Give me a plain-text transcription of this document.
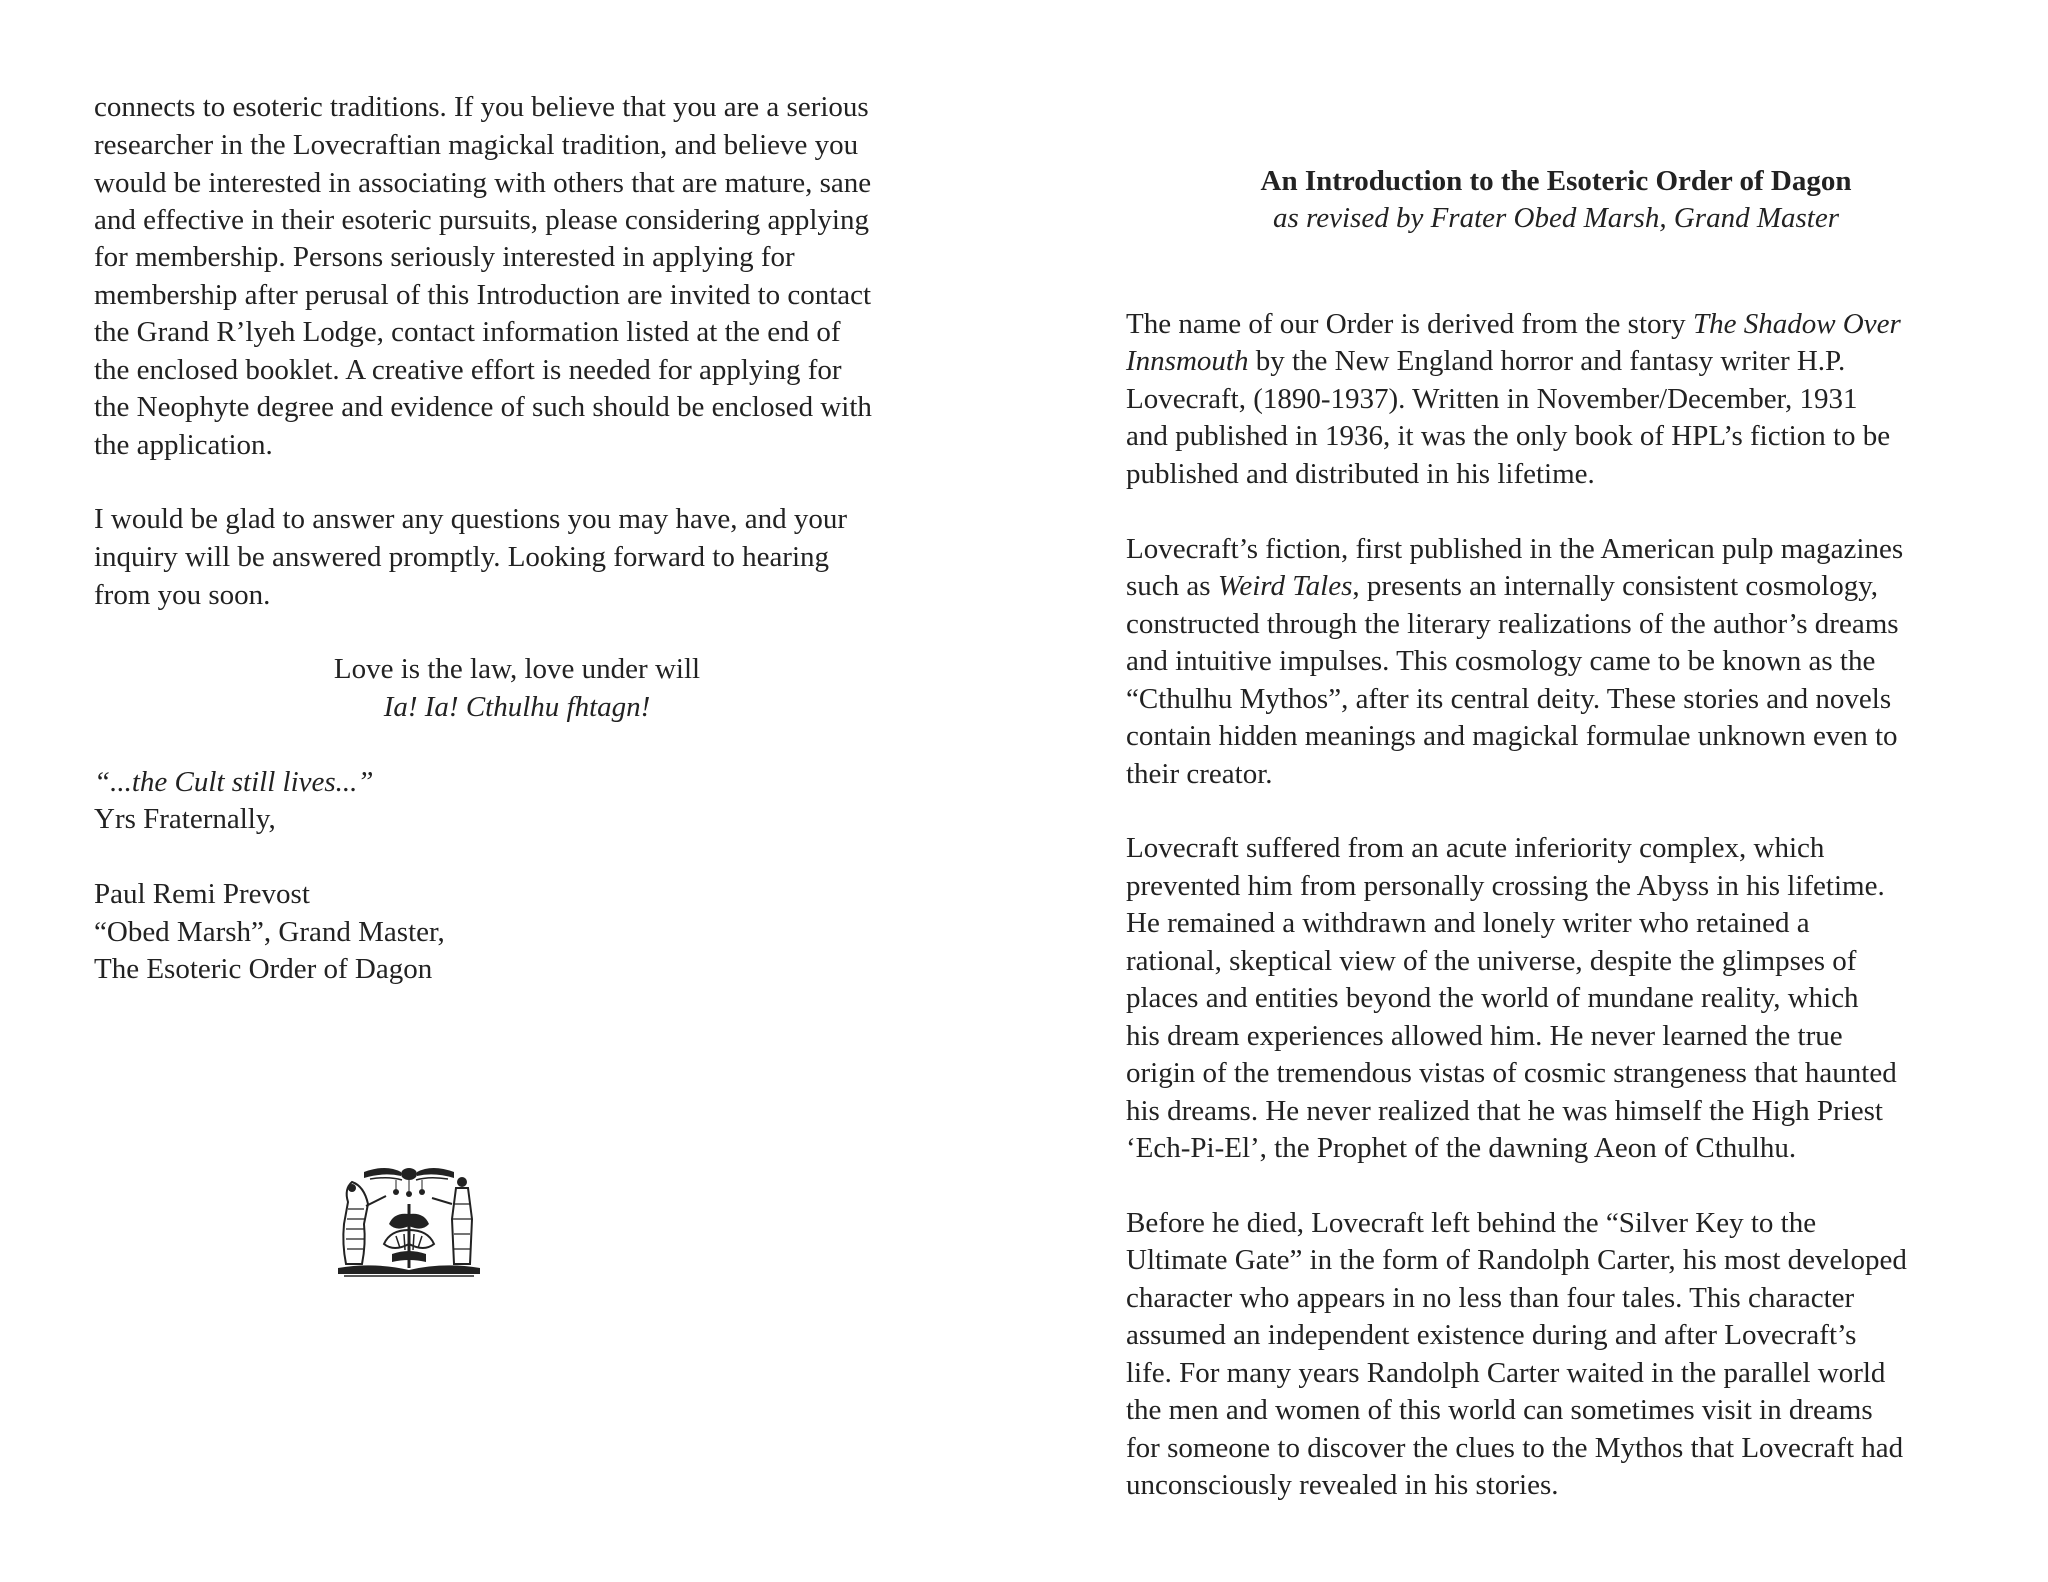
connects to esoteric traditions. If you believe that you are a serious
researcher in the Lovecraftian magickal tradition, and believe you
would be interested in associating with others that are mature, sane
and effective in their esoteric pursuits, please considering applying
for membership. Persons seriously interested in applying for
membership after perusal of this Introduction are invited to contact
the Grand R’lyeh Lodge, contact information listed at the end of
the enclosed booklet. A creative effort is needed for applying for
the Neophyte degree and evidence of such should be enclosed with
the application.
I would be glad to answer any questions you may have, and your
inquiry will be answered promptly. Looking forward to hearing
from you soon.
Love is the law, love under will
Ia! Ia! Cthulhu fhtagn!
“...the Cult still lives...”
Yrs Fraternally,
Paul Remi Prevost
“Obed Marsh”, Grand Master,
The Esoteric Order of Dagon
An Introduction to the Esoteric Order of Dagon
as revised by Frater Obed Marsh, Grand Master
The name of our Order is derived from the story The Shadow Over
Innsmouth by the New England horror and fantasy writer H.P.
Lovecraft, (1890-1937). Written in November/December, 1931
and published in 1936, it was the only book of HPL’s fiction to be
published and distributed in his lifetime.
Lovecraft’s fiction, first published in the American pulp magazines
such as Weird Tales, presents an internally consistent cosmology,
constructed through the literary realizations of the author’s dreams
and intuitive impulses. This cosmology came to be known as the
“Cthulhu Mythos”, after its central deity. These stories and novels
contain hidden meanings and magickal formulae unknown even to
their creator.
Lovecraft suffered from an acute inferiority complex, which
prevented him from personally crossing the Abyss in his lifetime.
He remained a withdrawn and lonely writer who retained a
rational, skeptical view of the universe, despite the glimpses of
places and entities beyond the world of mundane reality, which
his dream experiences allowed him. He never learned the true
origin of the tremendous vistas of cosmic strangeness that haunted
his dreams. He never realized that he was himself the High Priest
‘Ech-Pi-El’, the Prophet of the dawning Aeon of Cthulhu.
Before he died, Lovecraft left behind the “Silver Key to the
Ultimate Gate” in the form of Randolph Carter, his most developed
character who appears in no less than four tales. This character
assumed an independent existence during and after Lovecraft’s
life. For many years Randolph Carter waited in the parallel world
the men and women of this world can sometimes visit in dreams
for someone to discover the clues to the Mythos that Lovecraft had
unconsciously revealed in his stories.
